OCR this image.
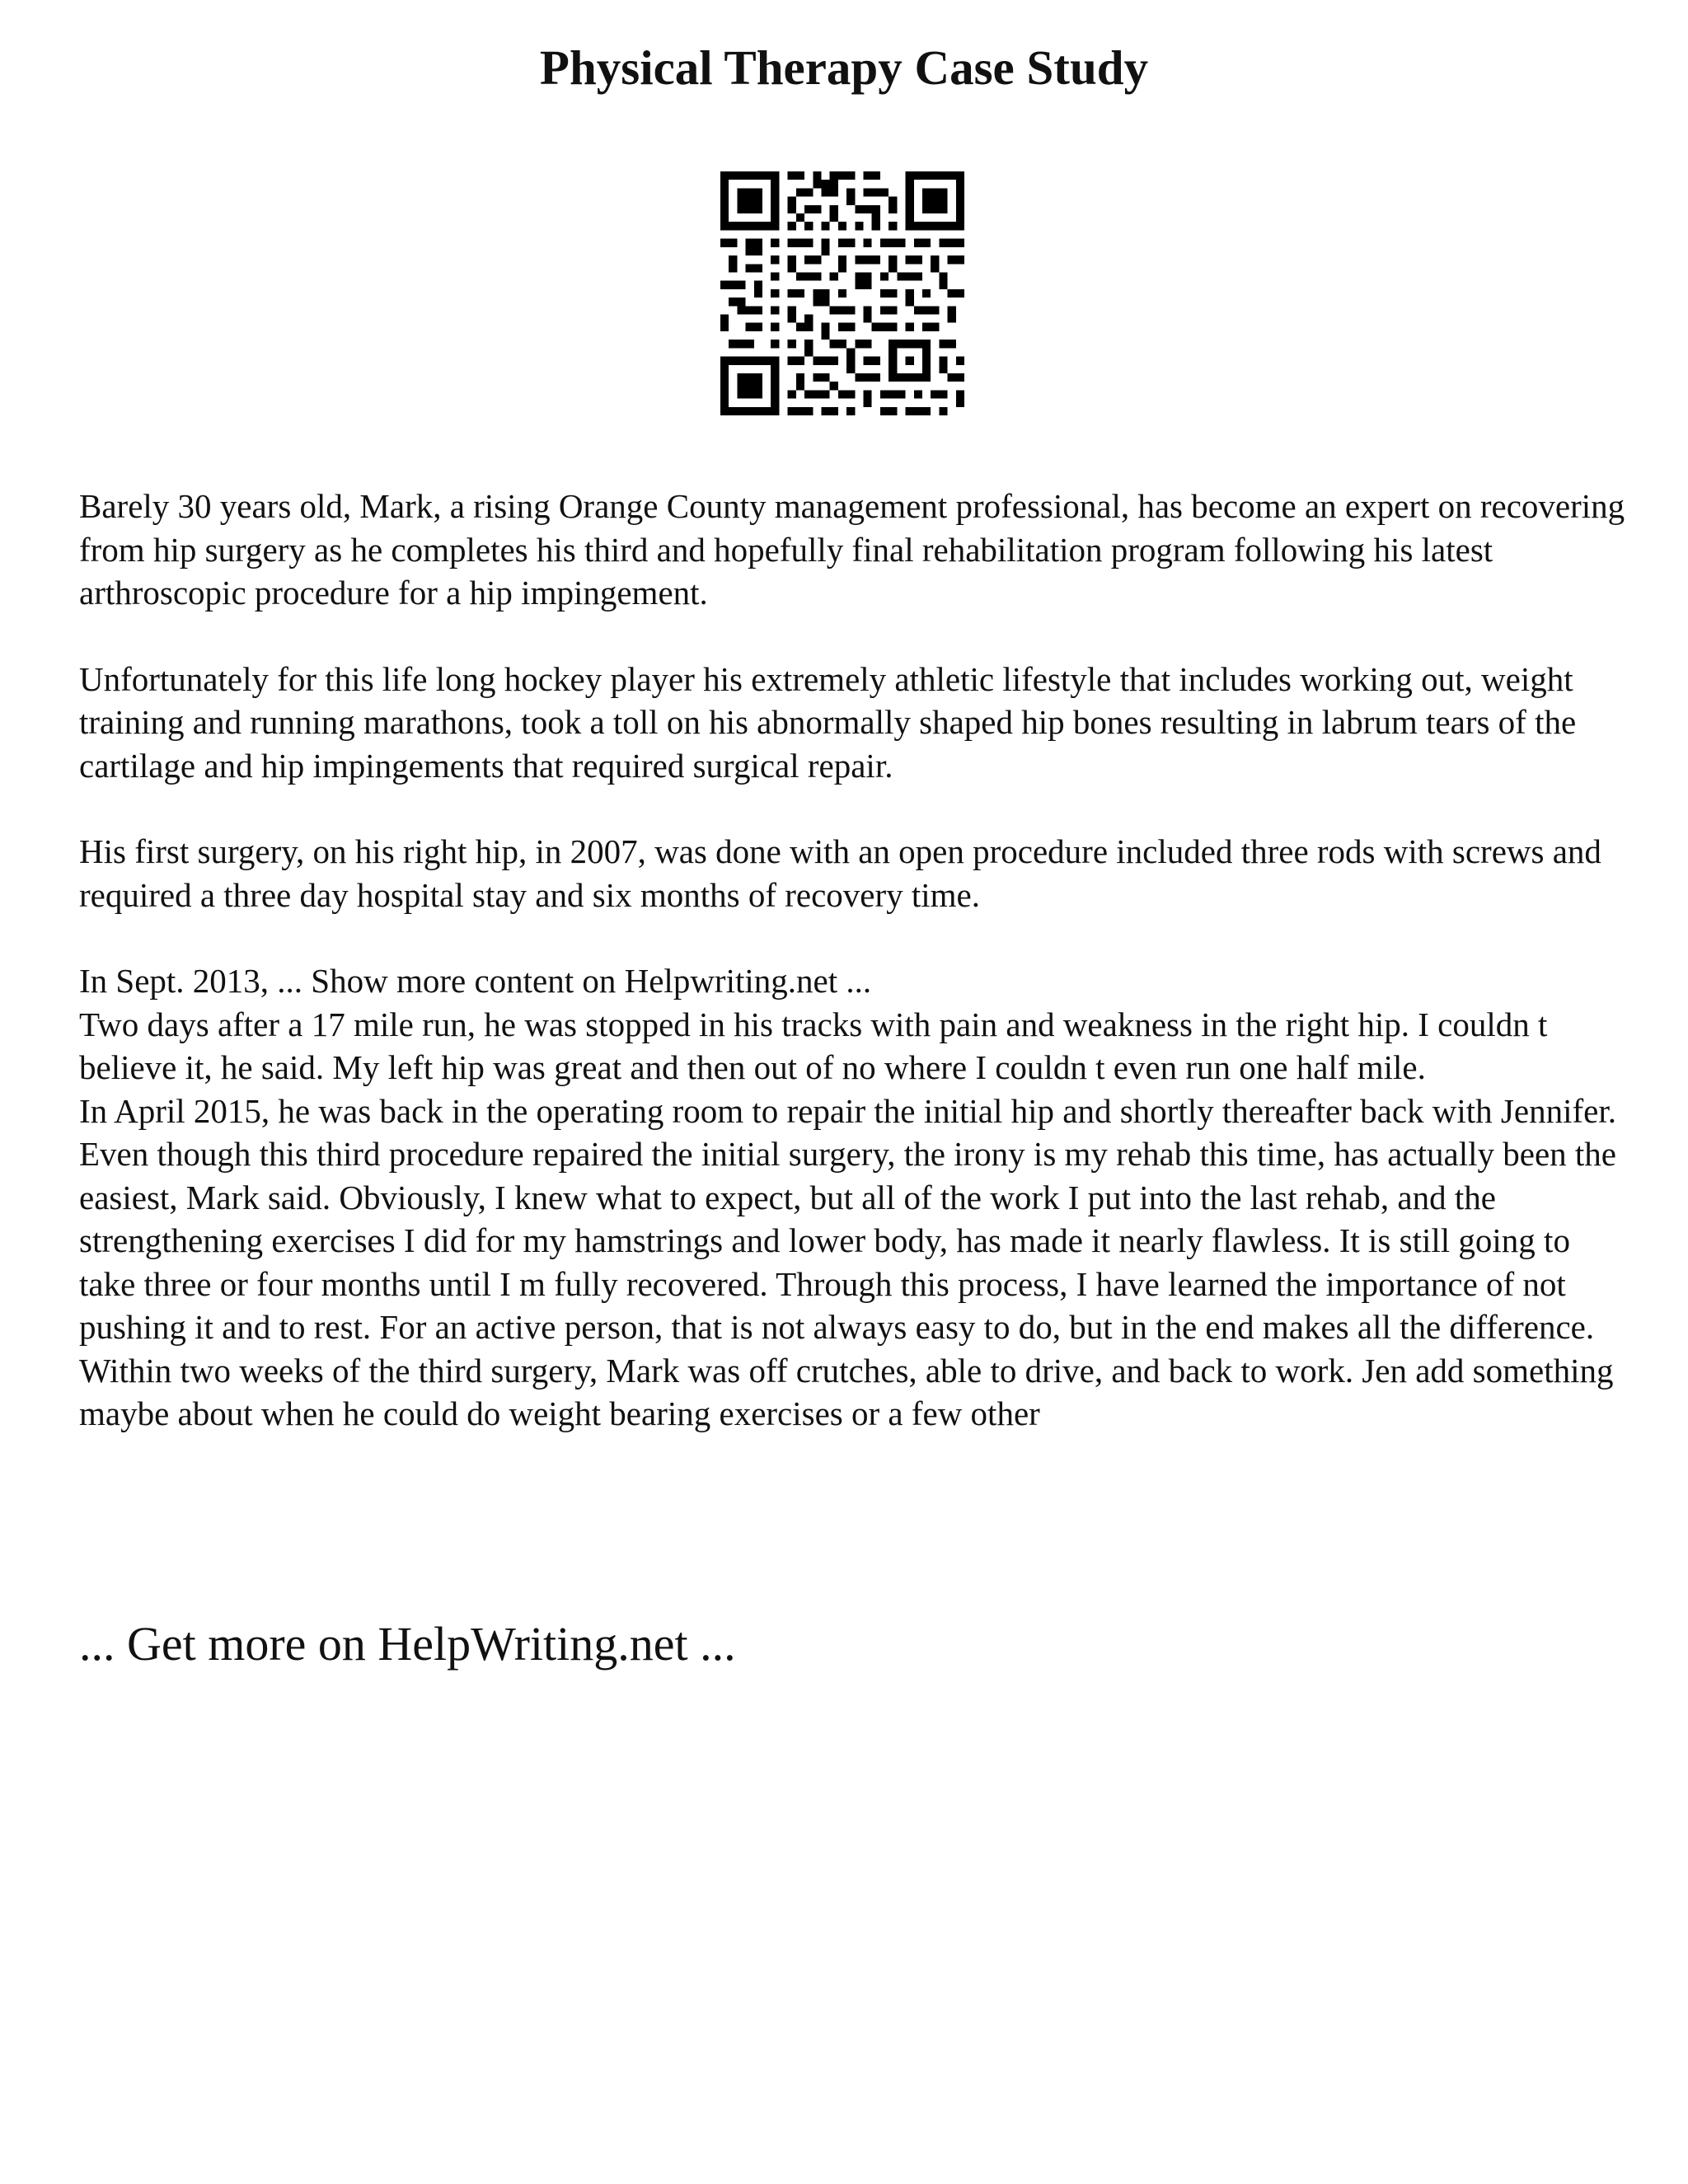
Physical Therapy Case Study

Barely 30 years old, Mark, a rising Orange County management professional, has become an expert on recovering from hip surgery as he completes his third and hopefully final rehabilitation program following his latest arthroscopic procedure for a hip impingement.

Unfortunately for this life long hockey player his extremely athletic lifestyle that includes working out, weight training and running marathons, took a toll on his abnormally shaped hip bones resulting in labrum tears of the cartilage and hip impingements that required surgical repair.

His first surgery, on his right hip, in 2007, was done with an open procedure included three rods with screws and required a three day hospital stay and six months of recovery time.

In Sept. 2013, ... Show more content on Helpwriting.net ...

Two days after a 17 mile run, he was stopped in his tracks with pain and weakness in the right hip. I couldn t believe it, he said. My left hip was great and then out of no where I couldn t even run one half mile.

In April 2015, he was back in the operating room to repair the initial hip and shortly thereafter back with Jennifer.

Even though this third procedure repaired the initial surgery, the irony is my rehab this time, has actually been the easiest, Mark said. Obviously, I knew what to expect, but all of the work I put into the last rehab, and the strengthening exercises I did for my hamstrings and lower body, has made it nearly flawless. It is still going to take three or four months until I m fully recovered. Through this process, I have learned the importance of not pushing it and to rest. For an active person, that is not always easy to do, but in the end makes all the difference.

Within two weeks of the third surgery, Mark was off crutches, able to drive, and back to work. Jen add something maybe about when he could do weight bearing exercises or a few other

... Get more on HelpWriting.net ...
